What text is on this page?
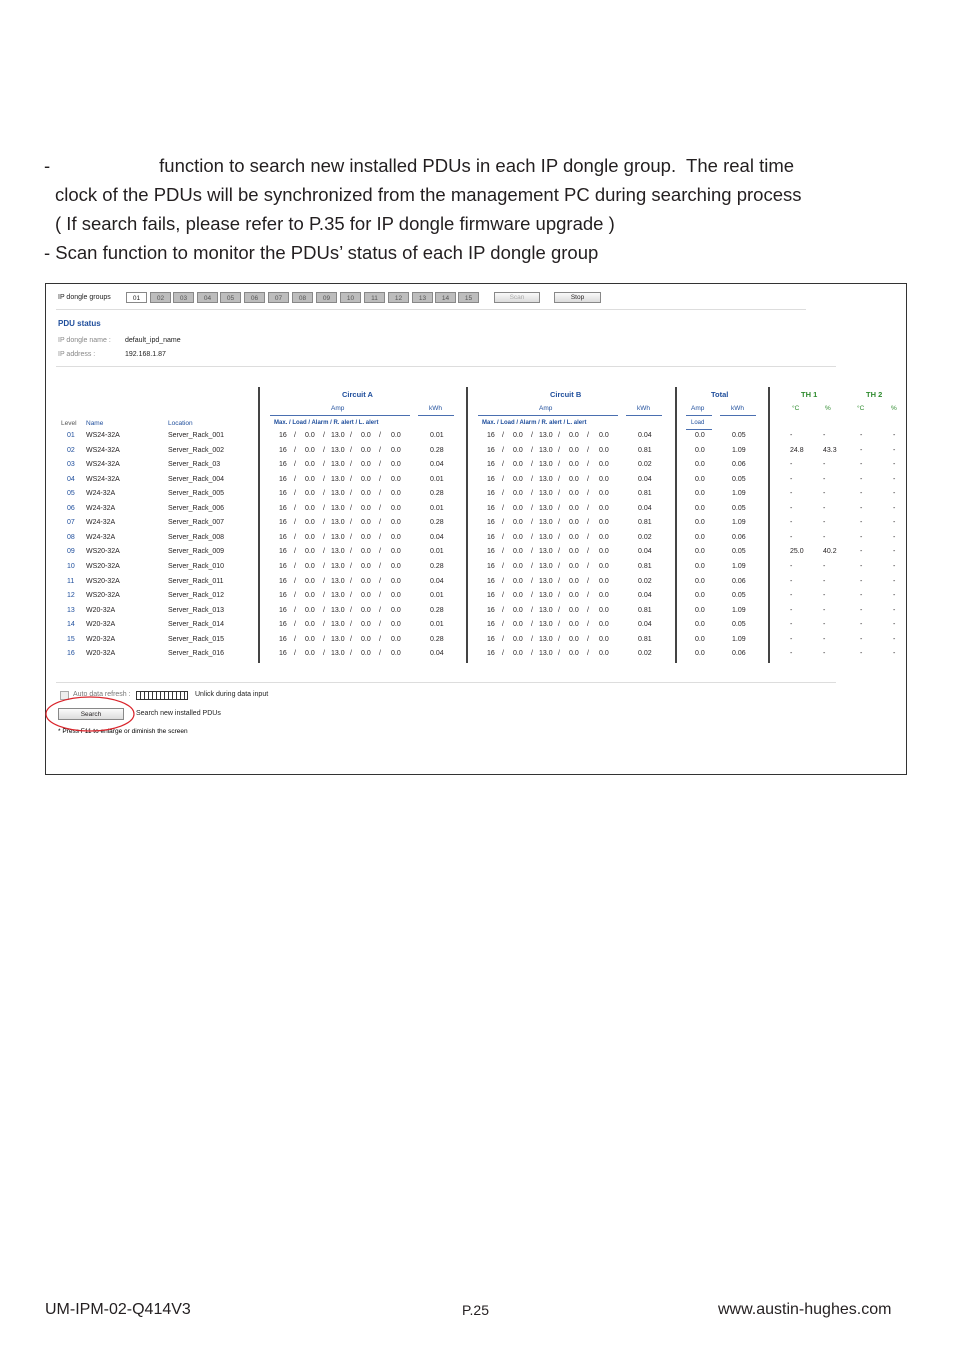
-	function to search new installed PDUs in each IP dongle group.  The real time
clock of the PDUs will be synchronized from the management PC during searching process
( If search fails, please refer to P.35 for IP dongle firmware upgrade )
- Scan function to monitor the PDUs’ status of each IP dongle group
IP dongle groups	01	02	03	04	05	06	07	08	09	10	11	12	13	14	15	Scan	Stop
PDU status
IP dongle name : default_ipd_name
IP address :	192.168.1.87
Circuit A	Circuit B	Total	TH 1	TH 2
Amp	kWh	Amp	kWh	Amp	kWh	°C	%	°C	%
Level Name	Location	Max. / Load / Alarm / R. alert / L. alert	Max. / Load / Alarm / R. alert / L. alert	Load
01 WS24-32A	Server_Rack_001	16 / 0.0 / 13.0 / 0.0 / 0.0	0.01	16 / 0.0 / 13.0 / 0.0 / 0.0	0.04	0.0	0.05	-	-	-	-
02 WS24-32A	Server_Rack_002	16 / 0.0 / 13.0 / 0.0 / 0.0	0.28	16 / 0.0 / 13.0 / 0.0 / 0.0	0.81	0.0	1.09	24.8	43.3	-	-
03 WS24-32A	Server_Rack_03	16 / 0.0 / 13.0 / 0.0 / 0.0	0.04	16 / 0.0 / 13.0 / 0.0 / 0.0	0.02	0.0	0.06	-	-	-	-
04 WS24-32A	Server_Rack_004	16 / 0.0 / 13.0 / 0.0 / 0.0	0.01	16 / 0.0 / 13.0 / 0.0 / 0.0	0.04	0.0	0.05	-	-	-	-
05 W24-32A	Server_Rack_005	16 / 0.0 / 13.0 / 0.0 / 0.0	0.28	16 / 0.0 / 13.0 / 0.0 / 0.0	0.81	0.0	1.09	-	-	-	-
06 W24-32A	Server_Rack_006	16 / 0.0 / 13.0 / 0.0 / 0.0	0.01	16 / 0.0 / 13.0 / 0.0 / 0.0	0.04	0.0	0.05	-	-	-	-
07 W24-32A	Server_Rack_007	16 / 0.0 / 13.0 / 0.0 / 0.0	0.28	16 / 0.0 / 13.0 / 0.0 / 0.0	0.81	0.0	1.09	-	-	-	-
08 W24-32A	Server_Rack_008	16 / 0.0 / 13.0 / 0.0 / 0.0	0.04	16 / 0.0 / 13.0 / 0.0 / 0.0	0.02	0.0	0.06	-	-	-	-
09 WS20-32A	Server_Rack_009	16 / 0.0 / 13.0 / 0.0 / 0.0	0.01	16 / 0.0 / 13.0 / 0.0 / 0.0	0.04	0.0	0.05	25.0	40.2	-	-
10 WS20-32A	Server_Rack_010	16 / 0.0 / 13.0 / 0.0 / 0.0	0.28	16 / 0.0 / 13.0 / 0.0 / 0.0	0.81	0.0	1.09	-	-	-	-
11 WS20-32A	Server_Rack_011	16 / 0.0 / 13.0 / 0.0 / 0.0	0.04	16 / 0.0 / 13.0 / 0.0 / 0.0	0.02	0.0	0.06	-	-	-	-
12 WS20-32A	Server_Rack_012	16 / 0.0 / 13.0 / 0.0 / 0.0	0.01	16 / 0.0 / 13.0 / 0.0 / 0.0	0.04	0.0	0.05	-	-	-	-
13 W20-32A	Server_Rack_013	16 / 0.0 / 13.0 / 0.0 / 0.0	0.28	16 / 0.0 / 13.0 / 0.0 / 0.0	0.81	0.0	1.09	-	-	-	-
14 W20-32A	Server_Rack_014	16 / 0.0 / 13.0 / 0.0 / 0.0	0.01	16 / 0.0 / 13.0 / 0.0 / 0.0	0.04	0.0	0.05	-	-	-	-
15 W20-32A	Server_Rack_015	16 / 0.0 / 13.0 / 0.0 / 0.0	0.28	16 / 0.0 / 13.0 / 0.0 / 0.0	0.81	0.0	1.09	-	-	-	-
16 W20-32A	Server_Rack_016	16 / 0.0 / 13.0 / 0.0 / 0.0	0.04	16 / 0.0 / 13.0 / 0.0 / 0.0	0.02	0.0	0.06	-	-	-	-
Auto data refresh :	Unlick during data input
Search	Search new installed PDUs
* Press F11 to enlarge or diminish the screen
UM-IPM-02-Q414V3	P.25	www.austin-hughes.com
